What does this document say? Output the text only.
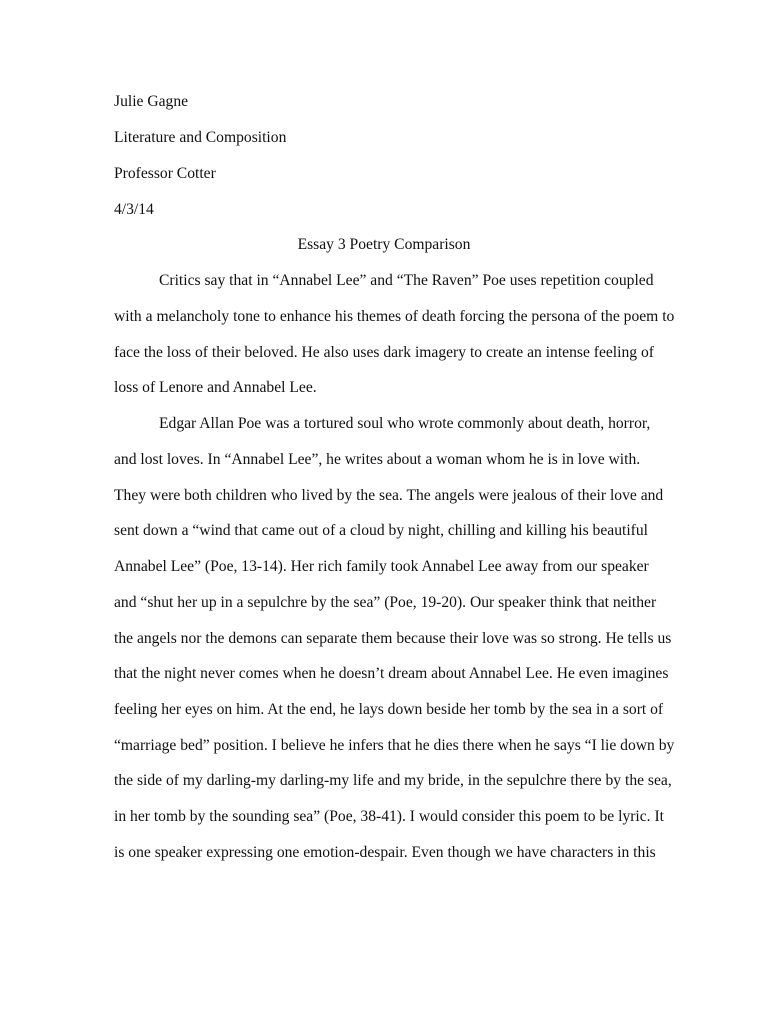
Julie Gagne
Literature and Composition
Professor Cotter
4/3/14
Essay 3 Poetry Comparison
Critics say that in “Annabel Lee” and “The Raven” Poe uses repetition coupled
with a melancholy tone to enhance his themes of death forcing the persona of the poem to
face the loss of their beloved. He also uses dark imagery to create an intense feeling of
loss of Lenore and Annabel Lee.
Edgar Allan Poe was a tortured soul who wrote commonly about death, horror,
and lost loves. In “Annabel Lee”, he writes about a woman whom he is in love with.
They were both children who lived by the sea. The angels were jealous of their love and
sent down a “wind that came out of a cloud by night, chilling and killing his beautiful
Annabel Lee” (Poe, 13-14). Her rich family took Annabel Lee away from our speaker
and “shut her up in a sepulchre by the sea” (Poe, 19-20). Our speaker think that neither
the angels nor the demons can separate them because their love was so strong. He tells us
that the night never comes when he doesn’t dream about Annabel Lee. He even imagines
feeling her eyes on him. At the end, he lays down beside her tomb by the sea in a sort of
“marriage bed” position. I believe he infers that he dies there when he says “I lie down by
the side of my darling-my darling-my life and my bride, in the sepulchre there by the sea,
in her tomb by the sounding sea” (Poe, 38-41). I would consider this poem to be lyric. It
is one speaker expressing one emotion-despair. Even though we have characters in this
